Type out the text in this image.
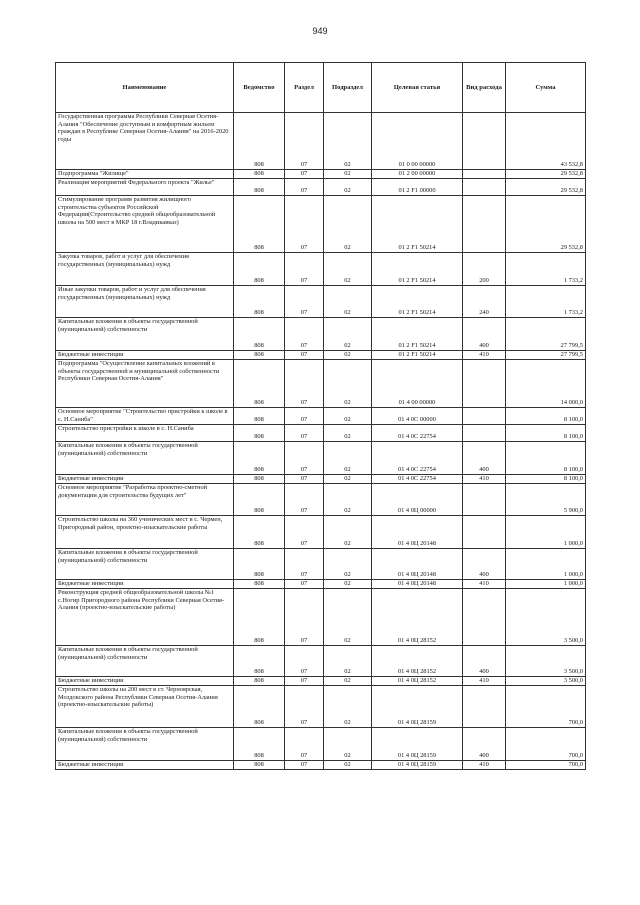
949
Наименование	Ведомство	Раздел	Подраздел	Целевая статья	Вид расхода	Сумма
Государственная программа Республики Северная Осетия-Алания "Обеспечение доступным и комфортным жильем граждан в Республике Северная Осетия-Алания" на 2016-2020 годы	808	07	02	01 0 00 00000		43 532,8
Подпрограмма "Жилище"	808	07	02	01 2 00 00000		29 532,8
Реализация мероприятий Федерального проекта "Жилье"	808	07	02	01 2 F1 00000		29 532,8
Стимулирование программ развития жилищного строительства субъектов Российской Федерации(Строительство средней общеобразовательной школы на 500 мест в МКР 18 г.Владикавказ)	808	07	02	01 2 F1 50214		29 532,8
Закупка товаров, работ и услуг для обеспечения государственных (муниципальных) нужд	808	07	02	01 2 F1 50214	200	1 733,2
Иные закупки товаров, работ и услуг для обеспечения государственных (муниципальных) нужд	808	07	02	01 2 F1 50214	240	1 733,2
Капитальные вложения в объекты государственной (муниципальной) собственности	808	07	02	01 2 F1 50214	400	27 799,5
Бюджетные инвестиции	808	07	02	01 2 F1 50214	410	27 799,5
Подпрограмма "Осуществление капитальных вложений в объекты государственной и муниципальной собственности Республики Северная Осетия-Алания"	808	07	02	01 4 00 00000		14 000,0
Основное мероприятие "Строительство пристройки к школе в с. Н.Саниба"	808	07	02	01 4 0С 00000		8 100,0
Строительство пристройки к школе в с. Н.Саниба	808	07	02	01 4 0С 22754		8 100,0
Капитальные вложения в объекты государственной (муниципальной) собственности	808	07	02	01 4 0С 22754	400	8 100,0
Бюджетные инвестиции	808	07	02	01 4 0С 22754	410	8 100,0
Основное мероприятие "Разработка проектно-сметной документации для строительства будущих лет"	808	07	02	01 4 0Ц 00000		5 900,0
Строительство школы на 360 ученических мест в с. Чермен, Пригородный район, проектно-изыскательские работы	808	07	02	01 4 0Ц 20148		1 000,0
Капитальные вложения в объекты государственной (муниципальной) собственности	808	07	02	01 4 0Ц 20148	400	1 000,0
Бюджетные инвестиции	808	07	02	01 4 0Ц 20148	410	1 000,0
Реконструкция средней общеобразовательной школы №1 с.Ногир Пригородного района Республики Северная Осетия-Алания (проектно-изыскательские работы)	808	07	02	01 4 0Ц 28152		3 500,0
Капитальные вложения в объекты государственной (муниципальной) собственности	808	07	02	01 4 0Ц 28152	400	3 500,0
Бюджетные инвестиции	808	07	02	01 4 0Ц 28152	410	3 500,0
Строительство школы на 200 мест в ст. Черноярская, Моздокского района Республики Северная Осетия-Алания (проектно-изыскательские работы)	808	07	02	01 4 0Ц 28159		700,0
Капитальные вложения в объекты государственной (муниципальной) собственности	808	07	02	01 4 0Ц 28159	400	700,0
Бюджетные инвестиции	808	07	02	01 4 0Ц 28159	410	700,0
